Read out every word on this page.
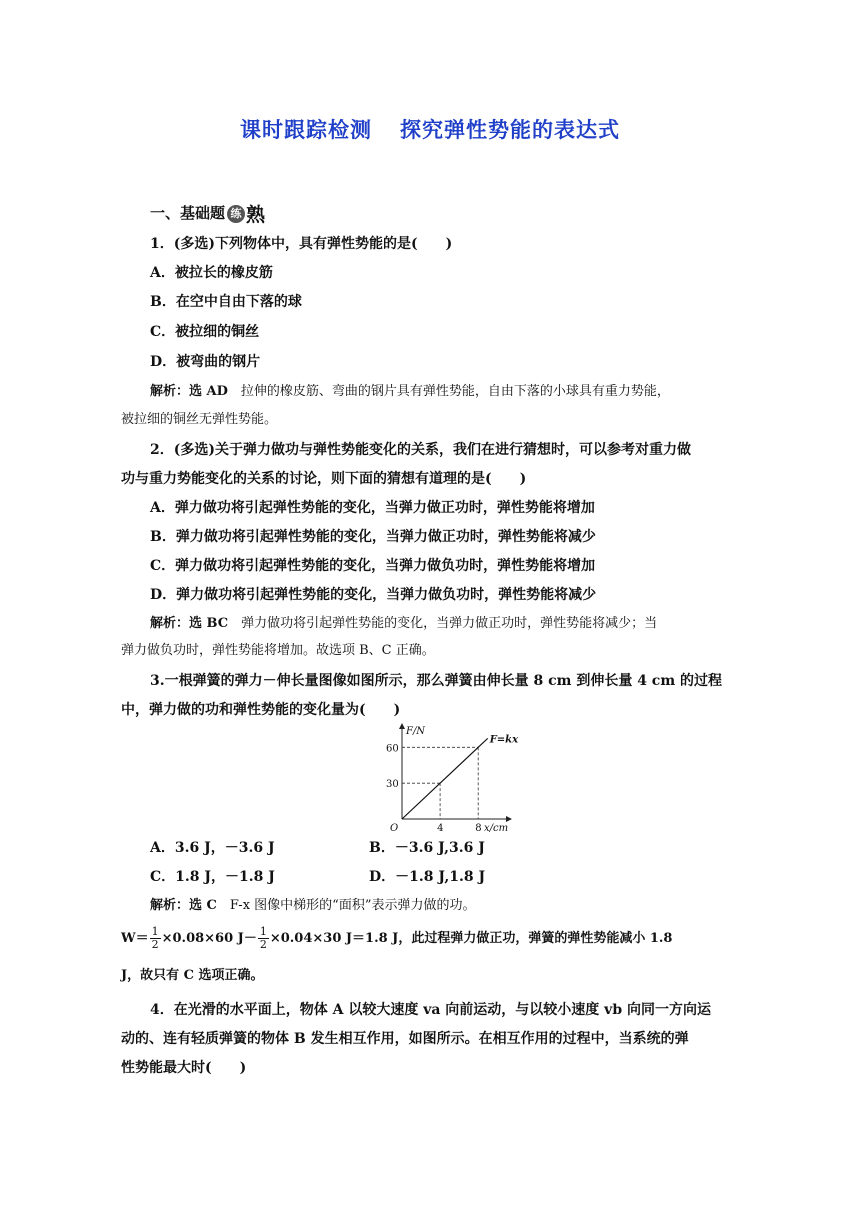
课时跟踪检测 探究弹性势能的表达式
一、基础题 练 熟
1．(多选)下列物体中，具有弹性势能的是(　　)
A．被拉长的橡皮筋
B．在空中自由下落的球
C．被拉细的铜丝
D．被弯曲的钢片
解析：选 AD　拉伸的橡皮筋、弯曲的钢片具有弹性势能，自由下落的小球具有重力势能，
被拉细的铜丝无弹性势能。
2．(多选)关于弹力做功与弹性势能变化的关系，我们在进行猜想时，可以参考对重力做
功与重力势能变化的关系的讨论，则下面的猜想有道理的是(　　)
A．弹力做功将引起弹性势能的变化，当弹力做正功时，弹性势能将增加
B．弹力做功将引起弹性势能的变化，当弹力做正功时，弹性势能将减少
C．弹力做功将引起弹性势能的变化，当弹力做负功时，弹性势能将增加
D．弹力做功将引起弹性势能的变化，当弹力做负功时，弹性势能将减少
解析：选 BC　弹力做功将引起弹性势能的变化，当弹力做正功时，弹性势能将减少；当
弹力做负功时，弹性势能将增加。故选项 B、C 正确。
3.一根弹簧的弹力－伸长量图像如图所示，那么弹簧由伸长量 8 cm 到伸长量 4 cm 的过程
中，弹力做的功和弹性势能的变化量为(　　)
O	4	8
30
60
x/cm
F/N
F=kx
A．3.6 J，－3.6 J	B．－3.6 J,3.6 J
C．1.8 J，－1.8 J	D．－1.8 J,1.8 J
解析：选 C　F-x 图像中梯形的“面积”表示弹力做的功。
$W= \frac{1}{2} \times 0.08\times 60$ $J- \frac{1}{2} \times 0.04\times 30$ J＝1.8 J，此过程弹力做正功，弹簧的弹性势能减小 1.8
J，故只有 C 选项正确。
4．在光滑的水平面上，物体 A 以较大速度 va 向前运动，与以较小速度 vb 向同一方向运
动的、连有轻质弹簧的物体 B 发生相互作用，如图所示。在相互作用的过程中，当系统的弹
性势能最大时(　　)
